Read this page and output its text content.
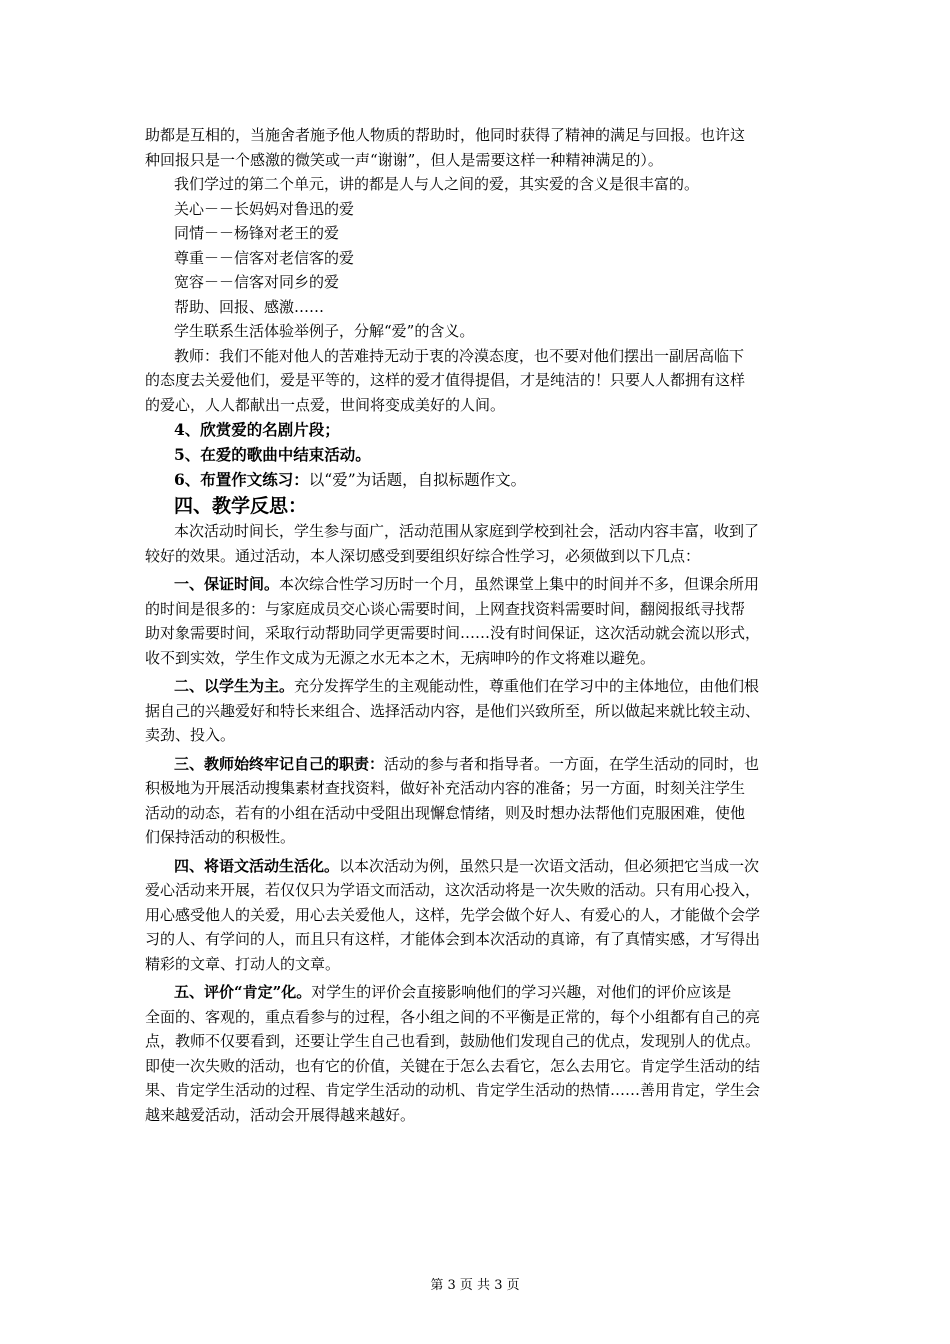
助都是互相的，当施舍者施予他人物质的帮助时，他同时获得了精神的满足与回报。也许这

种回报只是一个感激的微笑或一声“谢谢”，但人是需要这样一种精神满足的）。

我们学过的第二个单元，讲的都是人与人之间的爱，其实爱的含义是很丰富的。

关心－－长妈妈对鲁迅的爱

同情－－杨锋对老王的爱

尊重－－信客对老信客的爱

宽容－－信客对同乡的爱

帮助、回报、感激……

学生联系生活体验举例子，分解“爱”的含义。

教师：我们不能对他人的苦难持无动于衷的冷漠态度，也不要对他们摆出一副居高临下

的态度去关爱他们，爱是平等的，这样的爱才值得提倡，才是纯洁的！只要人人都拥有这样

的爱心，人人都献出一点爱，世间将变成美好的人间。

4、欣赏爱的名剧片段；

5、在爱的歌曲中结束活动。

6、布置作文练习：以“爱”为话题，自拟标题作文。

四、教学反思：

本次活动时间长，学生参与面广，活动范围从家庭到学校到社会，活动内容丰富，收到了

较好的效果。通过活动，本人深切感受到要组织好综合性学习，必须做到以下几点：

一、保证时间。本次综合性学习历时一个月，虽然课堂上集中的时间并不多，但课余所用

的时间是很多的：与家庭成员交心谈心需要时间，上网查找资料需要时间，翻阅报纸寻找帮

助对象需要时间，采取行动帮助同学更需要时间……没有时间保证，这次活动就会流以形式，

收不到实效，学生作文成为无源之水无本之木，无病呻吟的作文将难以避免。

二、以学生为主。充分发挥学生的主观能动性，尊重他们在学习中的主体地位，由他们根

据自己的兴趣爱好和特长来组合、选择活动内容，是他们兴致所至，所以做起来就比较主动、

卖劲、投入。

三、教师始终牢记自己的职责：活动的参与者和指导者。一方面，在学生活动的同时，也

积极地为开展活动搜集素材查找资料，做好补充活动内容的准备；另一方面，时刻关注学生

活动的动态，若有的小组在活动中受阻出现懈怠情绪，则及时想办法帮他们克服困难，使他

们保持活动的积极性。

四、将语文活动生活化。以本次活动为例，虽然只是一次语文活动，但必须把它当成一次

爱心活动来开展，若仅仅只为学语文而活动，这次活动将是一次失败的活动。只有用心投入，

用心感受他人的关爱，用心去关爱他人，这样，先学会做个好人、有爱心的人，才能做个会学

习的人、有学问的人，而且只有这样，才能体会到本次活动的真谛，有了真情实感，才写得出

精彩的文章、打动人的文章。

五、评价“肯定”化。对学生的评价会直接影响他们的学习兴趣，对他们的评价应该是

全面的、客观的，重点看参与的过程，各小组之间的不平衡是正常的，每个小组都有自己的亮

点，教师不仅要看到，还要让学生自己也看到，鼓励他们发现自己的优点，发现别人的优点。

即使一次失败的活动，也有它的价值，关键在于怎么去看它，怎么去用它。肯定学生活动的结

果、肯定学生活动的过程、肯定学生活动的动机、肯定学生活动的热情……善用肯定，学生会

越来越爱活动，活动会开展得越来越好。

第 3 页 共 3 页
